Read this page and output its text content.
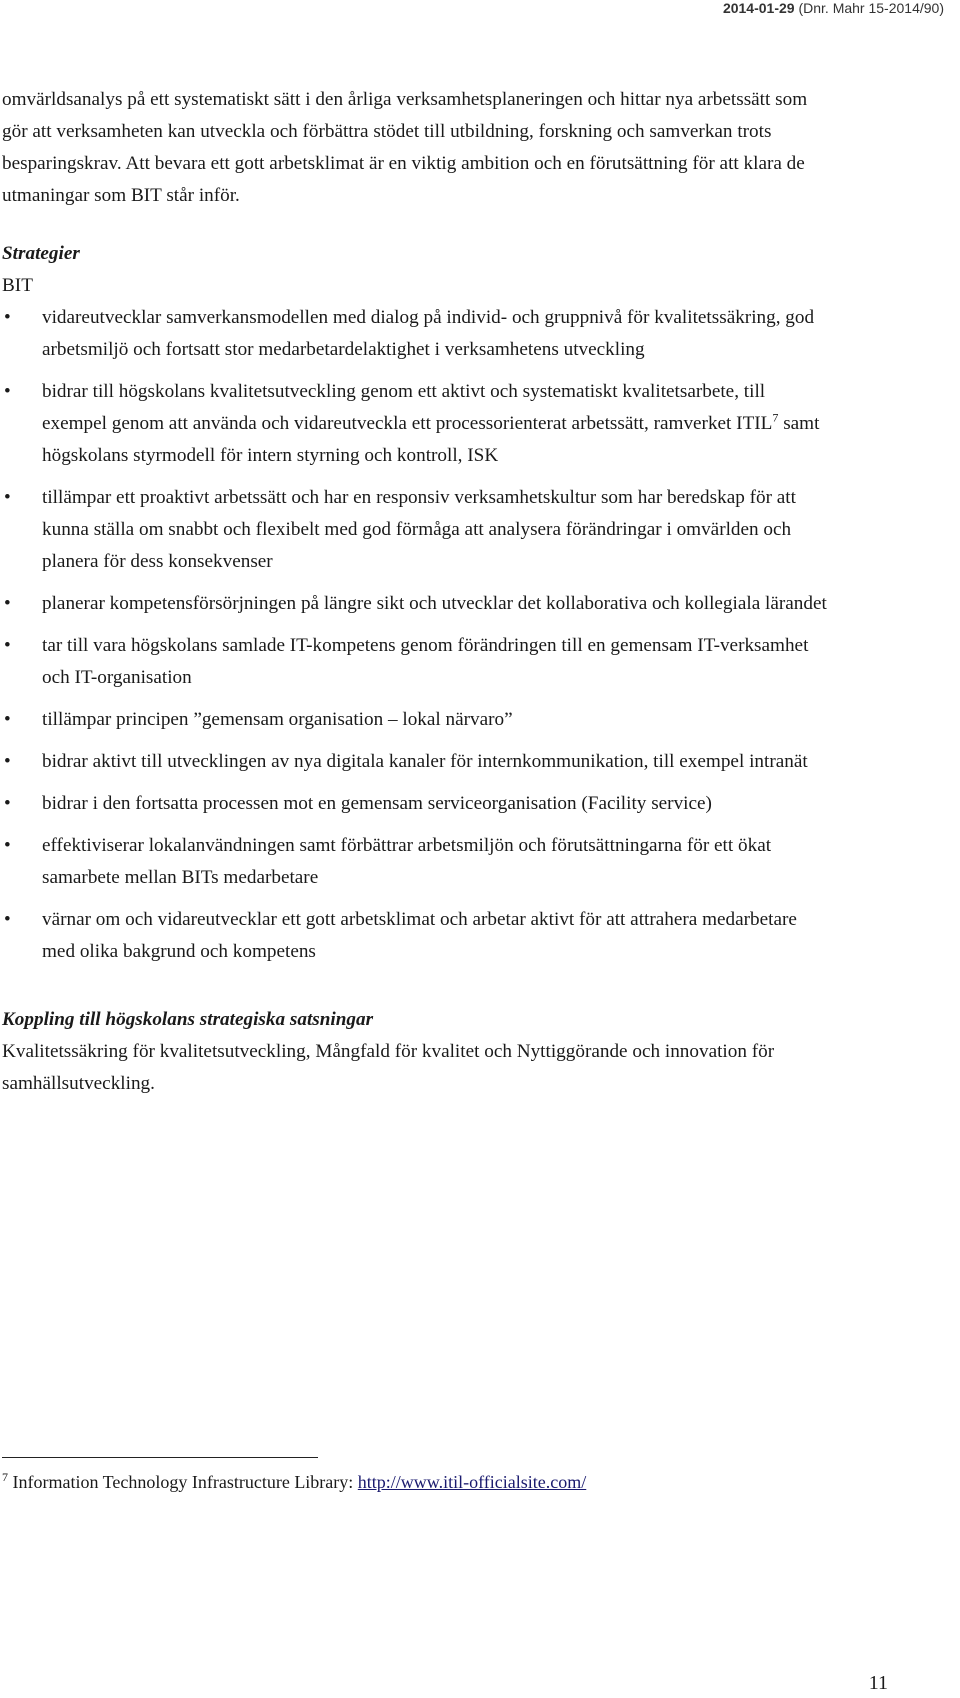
2014-01-29 (Dnr. Mahr 15-2014/90)

omvärldsanalys på ett systematiskt sätt i den årliga verksamhetsplaneringen och hittar nya arbetssätt som gör att verksamheten kan utveckla och förbättra stödet till utbildning, forskning och samverkan trots besparingskrav. Att bevara ett gott arbetsklimat är en viktig ambition och en förutsättning för att klara de utmaningar som BIT står inför.

Strategier
BIT
• vidareutvecklar samverkansmodellen med dialog på individ- och gruppnivå för kvalitetssäkring, god arbetsmiljö och fortsatt stor medarbetardelaktighet i verksamhetens utveckling
• bidrar till högskolans kvalitetsutveckling genom ett aktivt och systematiskt kvalitetsarbete, till exempel genom att använda och vidareutveckla ett processorienterat arbetssätt, ramverket ITIL$^7$ samt högskolans styrmodell för intern styrning och kontroll, ISK
• tillämpar ett proaktivt arbetssätt och har en responsiv verksamhetskultur som har beredskap för att kunna ställa om snabbt och flexibelt med god förmåga att analysera förändringar i omvärlden och planera för dess konsekvenser
• planerar kompetensförsörjningen på längre sikt och utvecklar det kollaborativa och kollegiala lärandet
• tar till vara högskolans samlade IT-kompetens genom förändringen till en gemensam IT-verksamhet och IT-organisation
• tillämpar principen ”gemensam organisation – lokal närvaro”
• bidrar aktivt till utvecklingen av nya digitala kanaler för internkommunikation, till exempel intranät
• bidrar i den fortsatta processen mot en gemensam serviceorganisation (Facility service)
• effektiviserar lokalanvändningen samt förbättrar arbetsmiljön och förutsättningarna för ett ökat samarbete mellan BITs medarbetare
• värnar om och vidareutvecklar ett gott arbetsklimat och arbetar aktivt för att attrahera medarbetare med olika bakgrund och kompetens
Koppling till högskolans strategiska satsningar

Kvalitetssäkring för kvalitetsutveckling, Mångfald för kvalitet och Nyttiggörande och innovation för samhällsutveckling.

$^7$ Information Technology Infrastructure Library: http://www.itil-officialsite.com/
11
